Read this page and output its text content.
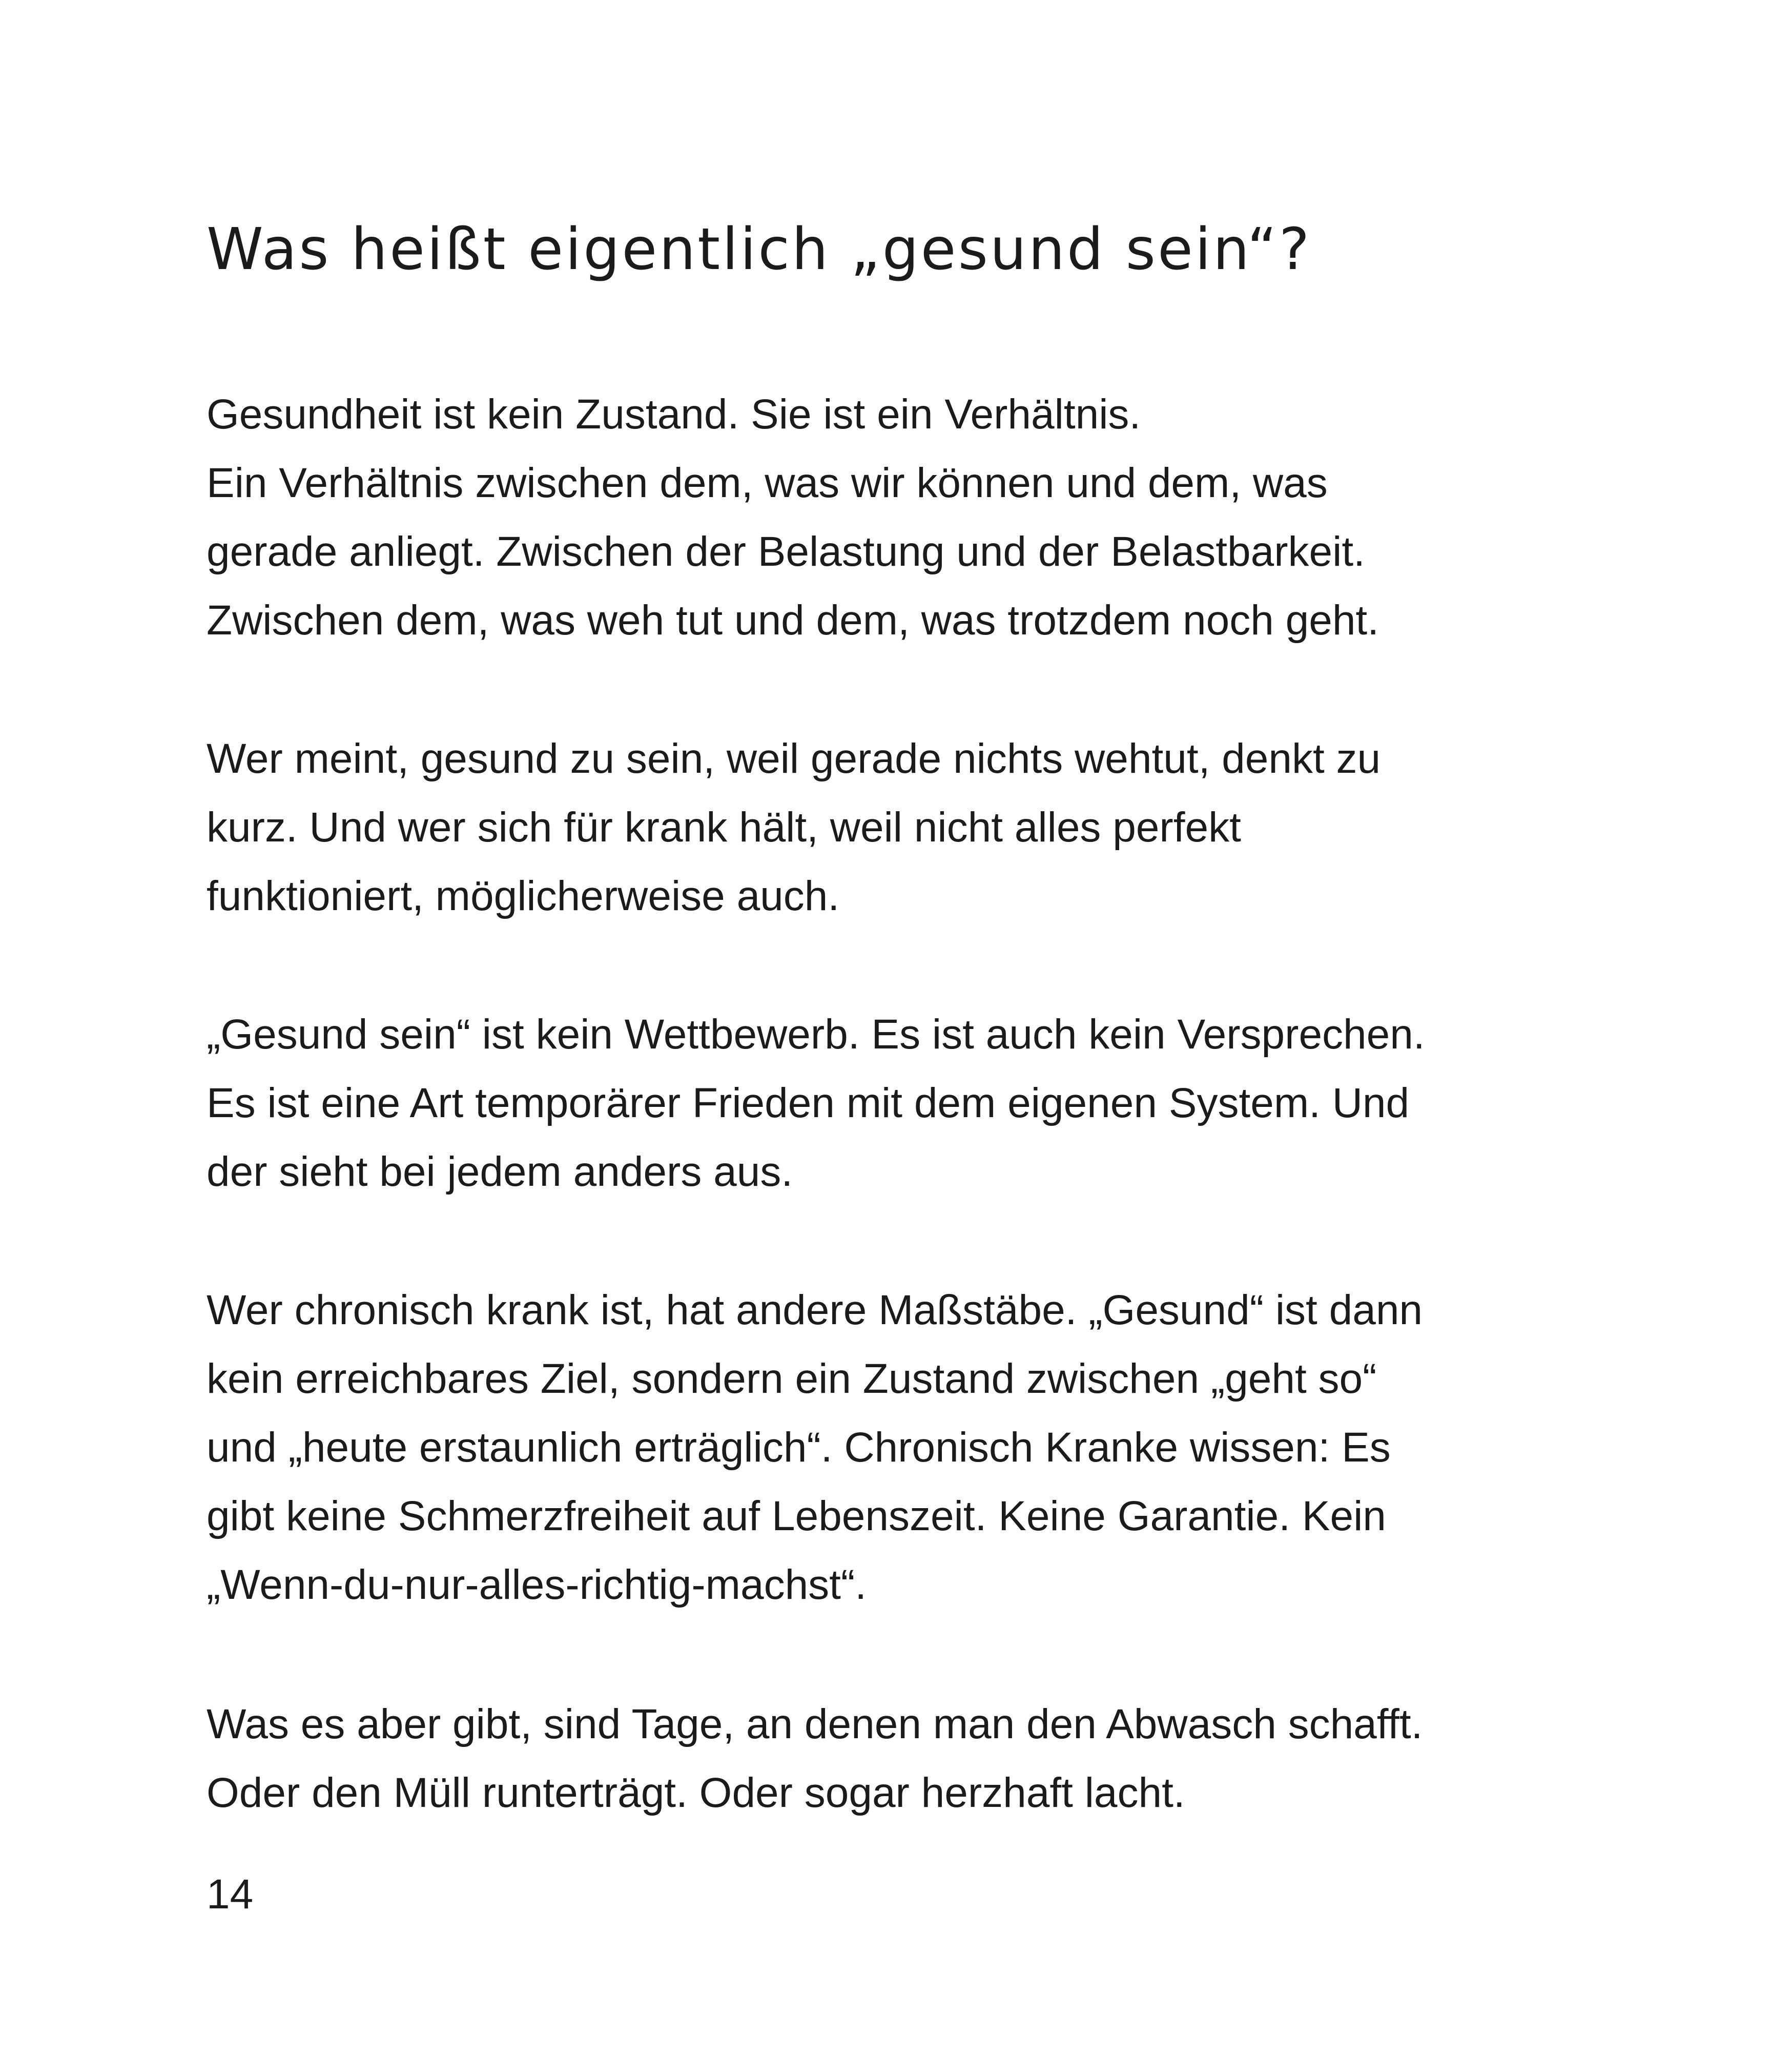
Was heißt eigentlich „gesund sein“?
Gesundheit ist kein Zustand. Sie ist ein Verhältnis.
Ein Verhältnis zwischen dem, was wir können und dem, was
gerade anliegt. Zwischen der Belastung und der Belastbarkeit.
Zwischen dem, was weh tut und dem, was trotzdem noch geht.
Wer meint, gesund zu sein, weil gerade nichts wehtut, denkt zu
kurz. Und wer sich für krank hält, weil nicht alles perfekt
funktioniert, möglicherweise auch.
„Gesund sein“ ist kein Wettbewerb. Es ist auch kein Versprechen.
Es ist eine Art temporärer Frieden mit dem eigenen System. Und
der sieht bei jedem anders aus.
Wer chronisch krank ist, hat andere Maßstäbe. „Gesund“ ist dann
kein erreichbares Ziel, sondern ein Zustand zwischen „geht so“
und „heute erstaunlich erträglich“. Chronisch Kranke wissen: Es
gibt keine Schmerzfreiheit auf Lebenszeit. Keine Garantie. Kein
„Wenn-du-nur-alles-richtig-machst“.
Was es aber gibt, sind Tage, an denen man den Abwasch schafft.
Oder den Müll runterträgt. Oder sogar herzhaft lacht.
14
